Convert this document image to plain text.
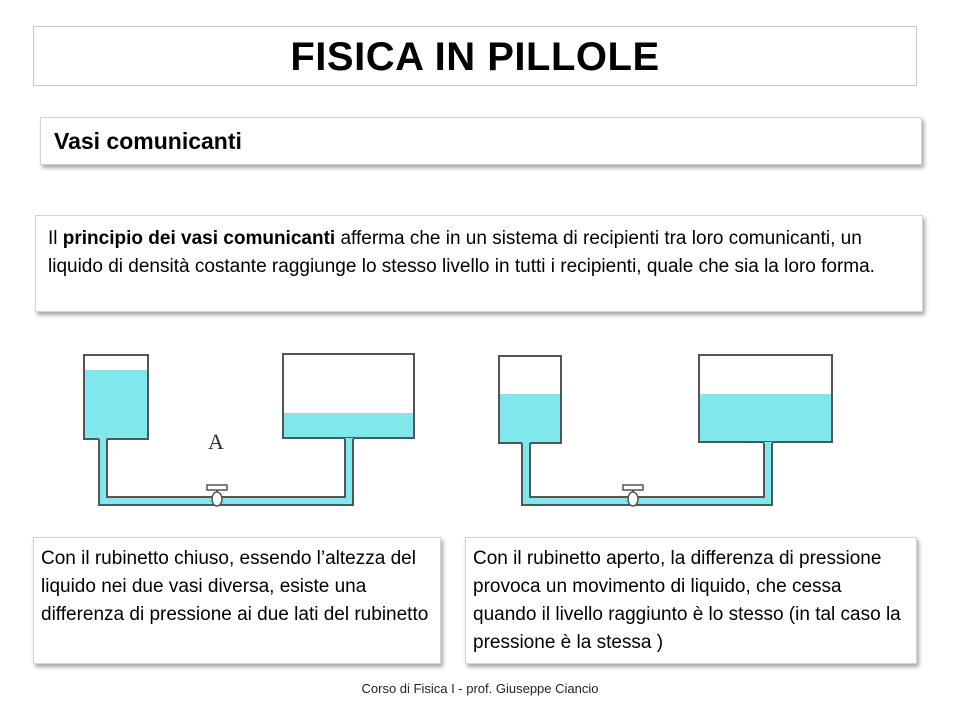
FISICA IN PILLOLE
Vasi comunicanti
Il principio dei vasi comunicanti afferma che in un sistema di recipienti tra loro comunicanti, un liquido di densità costante raggiunge lo stesso livello in tutti i recipienti, quale che sia la loro forma.
A
Con il rubinetto chiuso, essendo l’altezza del liquido nei due vasi diversa, esiste una differenza di pressione ai due lati del rubinetto
Con il rubinetto aperto, la differenza di pressione provoca un movimento di liquido, che cessa quando il livello raggiunto è lo stesso (in tal caso la pressione è la stessa )
Corso di Fisica I - prof. Giuseppe Ciancio
